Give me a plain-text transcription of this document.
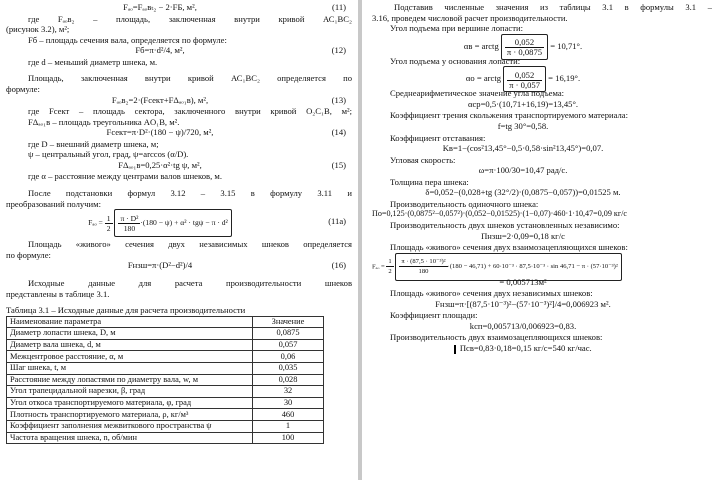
Fₐₒ=Fₐₒвₜ₂ − 2·FБ, м²,	(11)
где Fₐₒв₂ – площадь, заключенная внутри кривой АС₁ВС₂
(рисунок 3.2), м²;
Fб – площадь сечения вала, определяется по формуле:
Fб=π·d²/4, м²,	(12)
где d – меньший диаметр шнека, м.
Площадь, заключенная внутри кривой АС₁ВС₂ определяется по
формуле:
Fₐₒв₂=2·(Fсект+FΔₐₒ₁в), м²,	(13)
где Fсект – площадь сектора, заключенного внутри кривой O₂C₁B, м²;
FΔₐₒ₁в – площадь треугольника АO₁B, м².
Fсект=π·D²·(180 − ψ)/720, м²,	(14)
где D – внешний диаметр шнека, м;
ψ – центральный угол, град, ψ=arccos (α/D).
FΔₐₒ₁в=0,25·α²·tg ψ, м²,	(15)
где α – расстояние между центрами валов шнеков, м.
После подстановки формул 3.12 – 3.15 в формулу 3.11 и
преобразований получим:
$F_{ao} = \frac{1}{2}$
$\frac{\text{π · D²}}{180} \cdot(180 - \psi) + \alpha^2 \cdot tg\psi - \pi \cdot d^2$	(11а)
Площадь «живого» сечения двух независимых шнеков определяется
по формуле:
Fнзш=π·(D²−d²)/4	(16)
Исходные данные для расчета производительности шнеков
представлены в таблице 3.1.
Таблица 3.1 – Исходные данные для расчета производительности
Наименование параметра	Значение
Диаметр лопасти шнека, D, м	0,0875
Диаметр вала шнека, d, м	0,057
Межцентровое расстояние, α, м	0,06
Шаг шнека, t, м	0,035
Расстояние между лопастями по диаметру вала, w, м	0,028
Угол трапецидальной нарезки, β, град	32
Угол откоса транспортируемого материала, φ, град	30
Плотность транспортируемого материала, ρ, кг/м³	460
Коэффициент заполнения межвиткового пространства ψ	1
Частота вращения шнека, n, об/мин	100
Подставив численные значения из таблицы 3.1 в формулы 3.1 –
3.16, проведем числовой расчет производительности.
Угол подъема при вершине лопасти:
αв = arctg $\frac{0,052}{\pi \cdot 0,0875} = 10,71^\circ$.
Угол подъема у основания лопасти:
αо = arctg $\frac{0,052}{\pi \cdot 0,057} = 16,19^\circ$.
Среднеарифметическое значение угла подъема:
αср=0,5·(10,71+16,19)=13,45°.
Коэффициент трения скольжения транспортируемого материала:
f=tg 30°=0,58.
Коэффициент отставания:
Kв=1−(cos²13,45°−0,5·0,58·sin²13,45°)=0,07.
Угловая скорость:
ω=π·100/30=10,47 рад/с.
Толщина пера шнека:
δ=0,052−(0,028+tg (32°/2)·(0,0875−0,057))=0,01525 м.
Производительность одиночного шнека:
По=0,125·(0,0875²−0,057²)·(0,052−0,01525)·(1−0,07)·460·1·10,47=0,09 кг/с
Производительность двух шнеков установленных независимо:
Пнзш=2·0,09=0,18 кг/с
Площадь «живого» сечения двух взаимозацепляющихся шнеков:
$F_{ao} = \frac{1}{2}$
$\frac{\text{π · (87,5 · 10⁻³)²}}{180} \cdot(180 - 46,71) + 60\cdot 10^{-3} \cdot 87,5\cdot 10^{-3} \cdot \sin 46,71 - \pi \cdot (57\cdot 10^{-3})^2$
= 0,005713м²
Площадь «живого» сечения двух независимых шнеков:
Fнзш=π·[(87,5·10⁻³)²−(57·10⁻³)²]/4=0,006923 м².
Коэффициент площади:
kсп=0,005713/0,006923=0,83.
Производительность двух взаимозацепляющихся шнеков:
Псв=0,83·0,18=0,15 кг/с=540 кг/час.
